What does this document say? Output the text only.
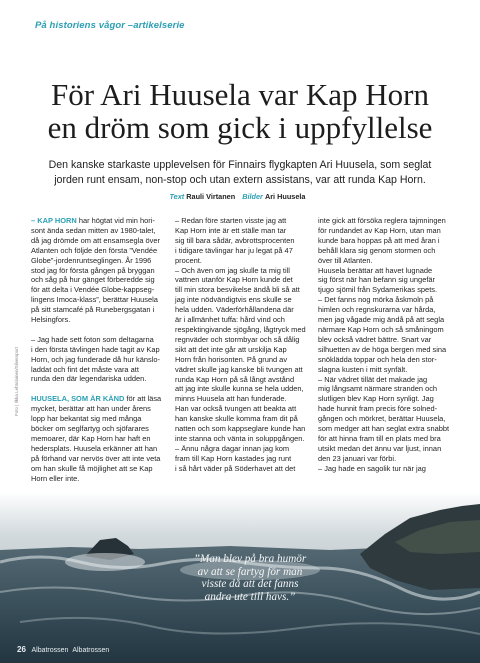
På historiens vågor –artikelserie
För Ari Huusela var Kap Horn
en dröm som gick i uppfyllelse
Den kanske starkaste upplevelsen för Finnairs flygkapten Ari Huusela, som seglat
jorden runt ensam, non-stop och utan extern assistans, var att runda Kap Horn.
Text Rauli Virtanen Bilder Ari Huusela
– KAP HORN har högtat vid min hori-
sont ända sedan mitten av 1980-talet,
då jag drömde om att ensamsegla över
Atlanten och följde den första ”Vendée
Globe”-jordenruntseglingen. År 1996
stod jag för första gången på bryggan
och såg på hur gänget förberedde sig
för att delta i Vendée Globe-kappseg-
lingens Imoca-klass”, berättar Huusela
på sitt stamcafé på Runebergsgatan i
Helsingfors.
– Jag hade sett foton som deltagarna
i den första tävlingen hade tagit av Kap
Horn, och jag funderade då hur känslo-
laddat och fint det måste vara att
runda den där legendariska udden.
HUUSELA, SOM ÄR KÄND för att läsa
mycket, berättar att han under årens
lopp har bekantat sig med många
böcker om seglfartyg och sjöfarares
memoarer, där Kap Horn har haft en
hedersplats. Huusela erkänner att han
på förhand var nervös över att inte veta
om han skulle få möjlighet att se Kap
Horn eller inte.
– Redan före starten visste jag att
Kap Horn inte är ett ställe man tar
sig till bara sådär, avbrottsprocenten
i tidigare tävlingar har ju legat på 47
procent.
– Och även om jag skulle ta mig till
vattnen utanför Kap Horn kunde det
till min stora besvikelse ändå bli så att
jag inte nödvändigtvis ens skulle se
hela udden. Väderförhållandena där
är i allmänhet tuffa: hård vind och
respektingivande sjögång, lågtryck med
regnväder och stormbyar och så dålig
sikt att det inte går att urskilja Kap
Horn från horisonten. På grund av
vädret skulle jag kanske bli tvungen att
runda Kap Horn på så långt avstånd
att jag inte skulle kunna se hela udden,
minns Huusela att han funderade.
Han var också tvungen att beakta att
han kanske skulle komma fram dit på
natten och som kappseglare kunde han
inte stanna och vänta in soluppgången.
– Ännu några dagar innan jag kom
fram till Kap Horn kastades jag runt
i så hårt väder på Söderhavet att det
inte gick att försöka reglera tajmningen
för rundandet av Kap Horn, utan man
kunde bara hoppas på att med åran i
behåll klara sig genom stormen och
över till Atlanten.
Huusela berättar att havet lugnade
sig först när han befann sig ungefär
tjugo sjömil från Sydamerikas spets.
– Det fanns nog mörka åskmoln på
himlen och regnskurarna var hårda,
men jag vågade mig ändå på att segla
närmare Kap Horn och så småningom
blev också vädret bättre. Snart var
silhuetten av de höga bergen med sina
snöklädda toppar och hela den stor-
slagna kusten i mitt synfält.
– När vädret tillät det makade jag
mig långsamt närmare stranden och
slutligen blev Kap Horn synligt. Jag
hade hunnit fram precis före solned-
gången och mörkret, berättar Huusela,
som medger att han seglat extra snabbt
för att hinna fram till en plats med bra
utsikt medan det ännu var ljust, innan
den 23 januari var förbi.
– Jag hade en sagolik tur när jag
Foto | Ilkka Lehtolainen/Silversport
”Man blev på bra humör
av att se fartyg för man
visste då att det fanns
andra ute till havs.”
26 Albatrossen Albatrossen
